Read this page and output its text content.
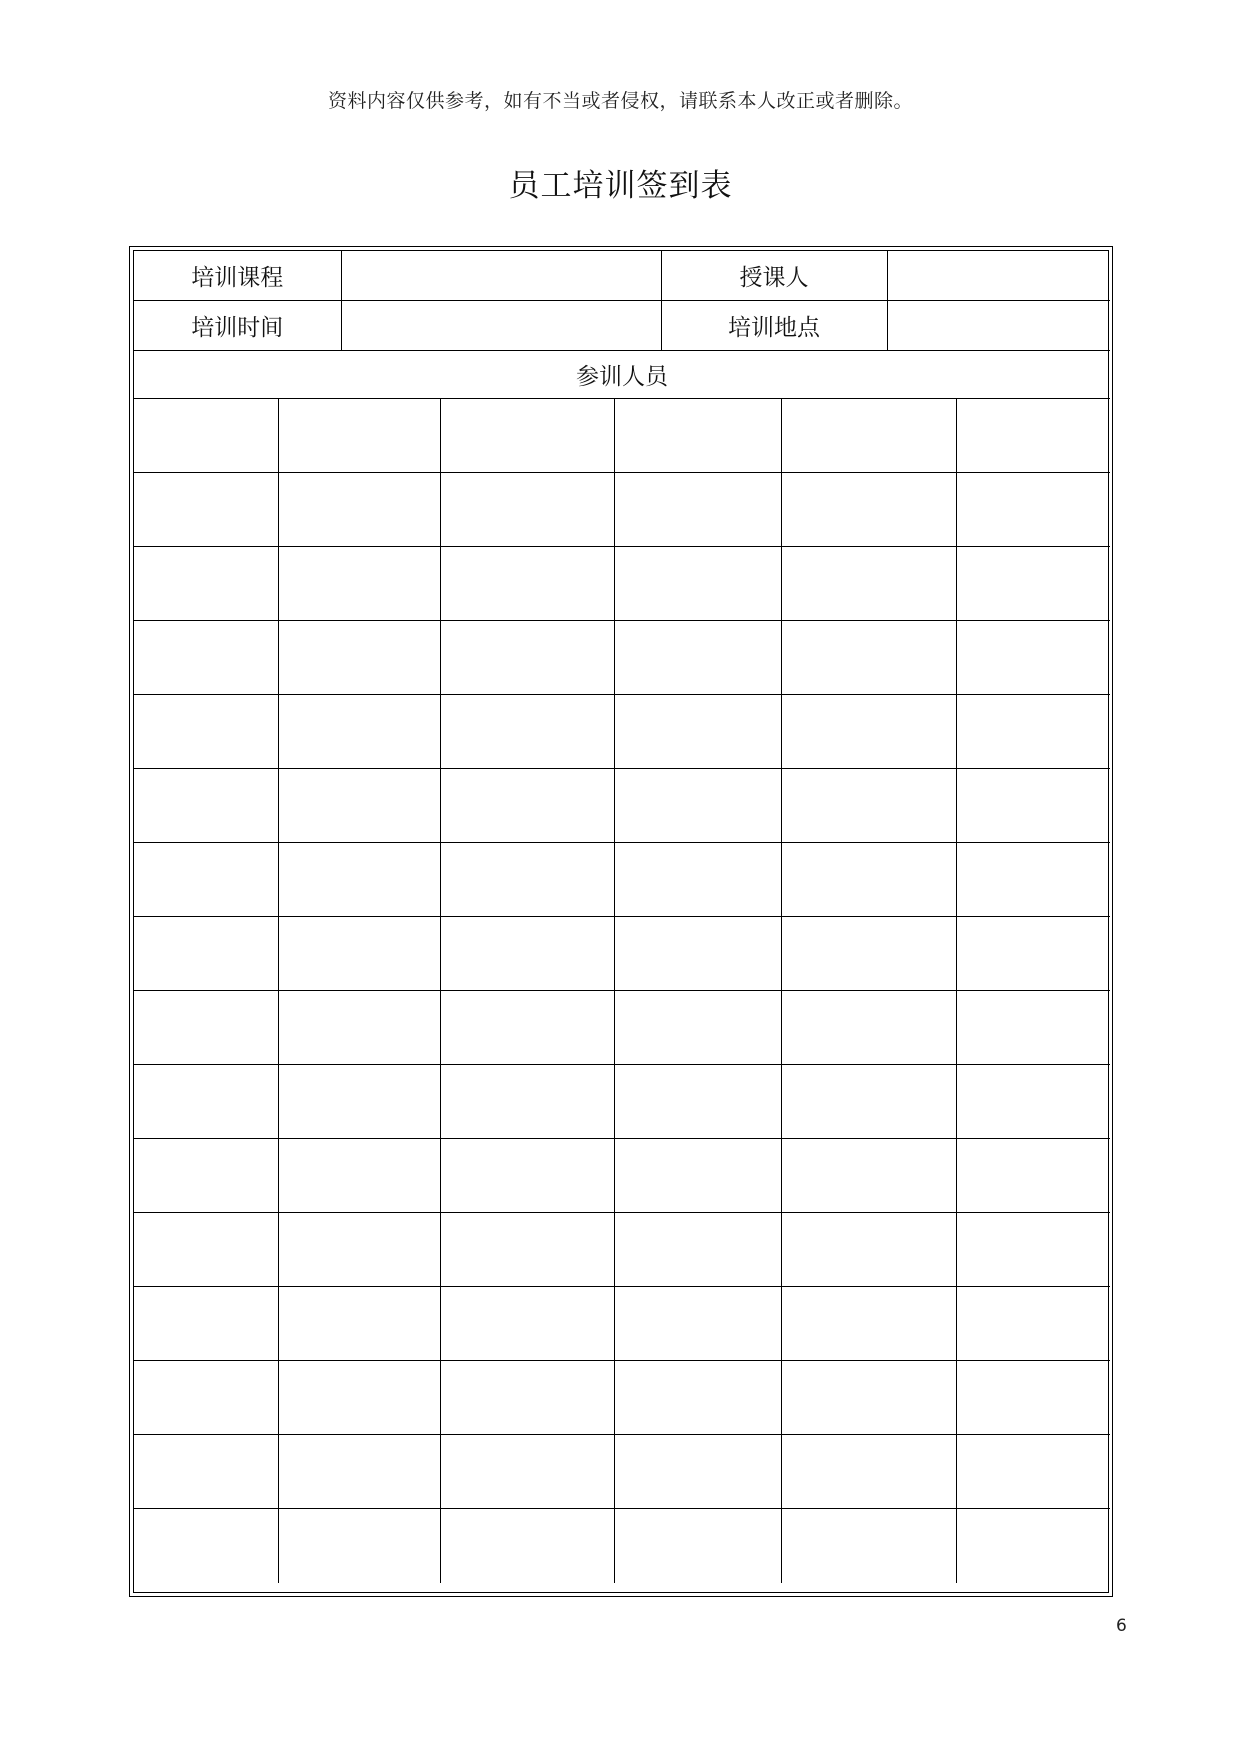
资料内容仅供参考，如有不当或者侵权，请联系本人改正或者删除。
员工培训签到表
培训课程		授课人	
培训时间		培训地点	
参训人员

6
